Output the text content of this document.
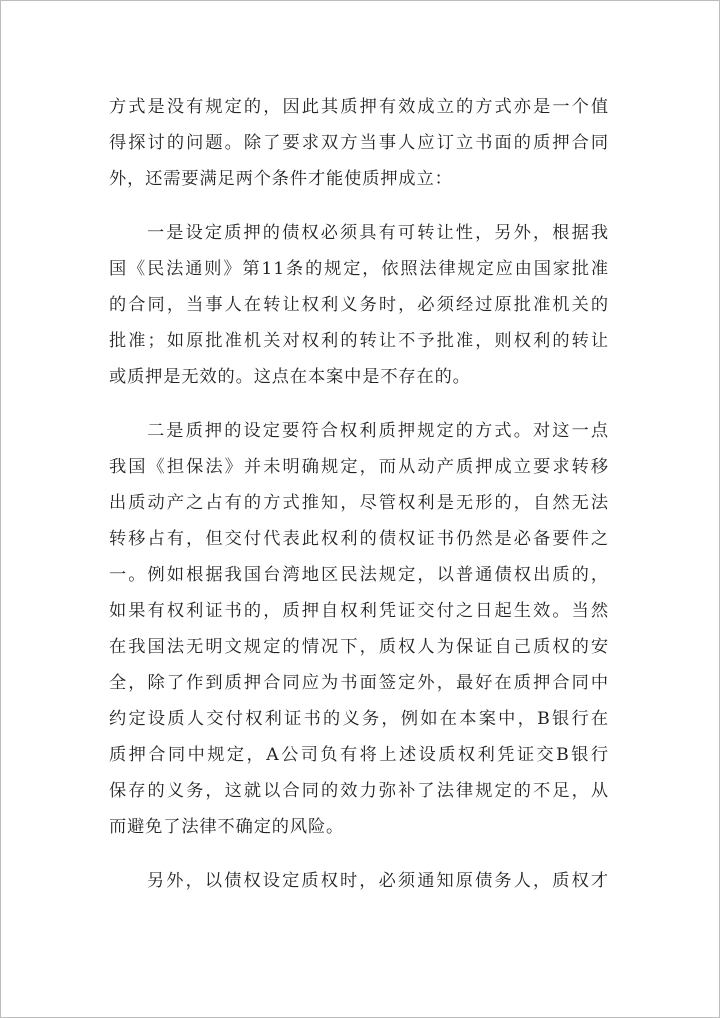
方式是没有规定的，因此其质押有效成立的方式亦是一个值
得探讨的问题。除了要求双方当事人应订立书面的质押合同
外，还需要满足两个条件才能使质押成立：
一是设定质押的债权必须具有可转让性，另外，根据我
国《民法通则》第11条的规定，依照法律规定应由国家批准
的合同，当事人在转让权利义务时，必须经过原批准机关的
批准；如原批准机关对权利的转让不予批准，则权利的转让
或质押是无效的。这点在本案中是不存在的。
二是质押的设定要符合权利质押规定的方式。对这一点
我国《担保法》并未明确规定，而从动产质押成立要求转移
出质动产之占有的方式推知，尽管权利是无形的，自然无法
转移占有，但交付代表此权利的债权证书仍然是必备要件之
一。例如根据我国台湾地区民法规定，以普通债权出质的，
如果有权利证书的，质押自权利凭证交付之日起生效。当然
在我国法无明文规定的情况下，质权人为保证自己质权的安
全，除了作到质押合同应为书面签定外，最好在质押合同中
约定设质人交付权利证书的义务，例如在本案中，B银行在
质押合同中规定，A公司负有将上述设质权利凭证交B银行
保存的义务，这就以合同的效力弥补了法律规定的不足，从
而避免了法律不确定的风险。
另外，以债权设定质权时，必须通知原债务人，质权才
